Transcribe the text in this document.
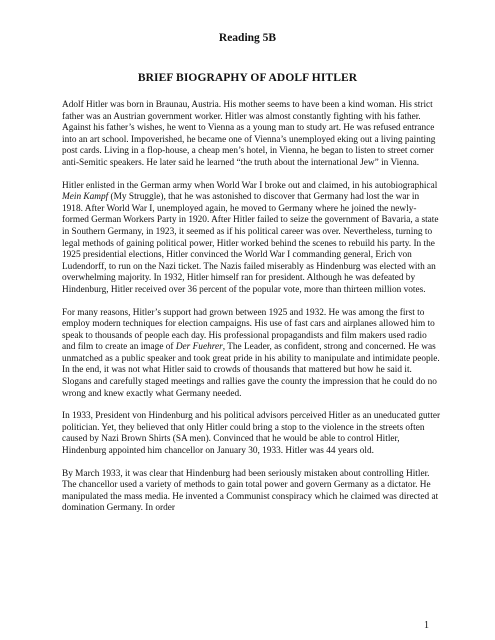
Reading 5B
BRIEF BIOGRAPHY OF ADOLF HITLER

Adolf Hitler was born in Braunau, Austria. His mother seems to have been a kind woman. His strict father was an Austrian government worker. Hitler was almost constantly fighting with his father. Against his father’s wishes, he went to Vienna as a young man to study art. He was refused entrance into an art school. Impoverished, he became one of Vienna’s unemployed eking out a living painting post cards. Living in a flop-house, a cheap men’s hotel, in Vienna, he began to listen to street corner anti-Semitic speakers. He later said he learned “the truth about the international Jew” in Vienna.

Hitler enlisted in the German army when World War I broke out and claimed, in his autobiographical Mein Kampf (My Struggle), that he was astonished to discover that Germany had lost the war in 1918. After World War I, unemployed again, he moved to Germany where he joined the newly-formed German Workers Party in 1920. After Hitler failed to seize the government of Bavaria, a state in Southern Germany, in 1923, it seemed as if his political career was over. Nevertheless, turning to legal methods of gaining political power, Hitler worked behind the scenes to rebuild his party. In the 1925 presidential elections, Hitler convinced the World War I commanding general, Erich von Ludendorff, to run on the Nazi ticket. The Nazis failed miserably as Hindenburg was elected with an overwhelming majority. In 1932, Hitler himself ran for president. Although he was defeated by Hindenburg, Hitler received over 36 percent of the popular vote, more than thirteen million votes.

For many reasons, Hitler’s support had grown between 1925 and 1932. He was among the first to employ modern techniques for election campaigns. His use of fast cars and airplanes allowed him to speak to thousands of people each day. His professional propagandists and film makers used radio and film to create an image of Der Fuehrer, The Leader, as confident, strong and concerned. He was unmatched as a public speaker and took great pride in his ability to manipulate and intimidate people. In the end, it was not what Hitler said to crowds of thousands that mattered but how he said it. Slogans and carefully staged meetings and rallies gave the county the impression that he could do no wrong and knew exactly what Germany needed.

In 1933, President von Hindenburg and his political advisors perceived Hitler as an uneducated gutter politician. Yet, they believed that only Hitler could bring a stop to the violence in the streets often caused by Nazi Brown Shirts (SA men). Convinced that he would be able to control Hitler, Hindenburg appointed him chancellor on January 30, 1933. Hitler was 44 years old.

By March 1933, it was clear that Hindenburg had been seriously mistaken about controlling Hitler. The chancellor used a variety of methods to gain total power and govern Germany as a dictator. He manipulated the mass media. He invented a Communist conspiracy which he claimed was directed at domination Germany. In order

1
